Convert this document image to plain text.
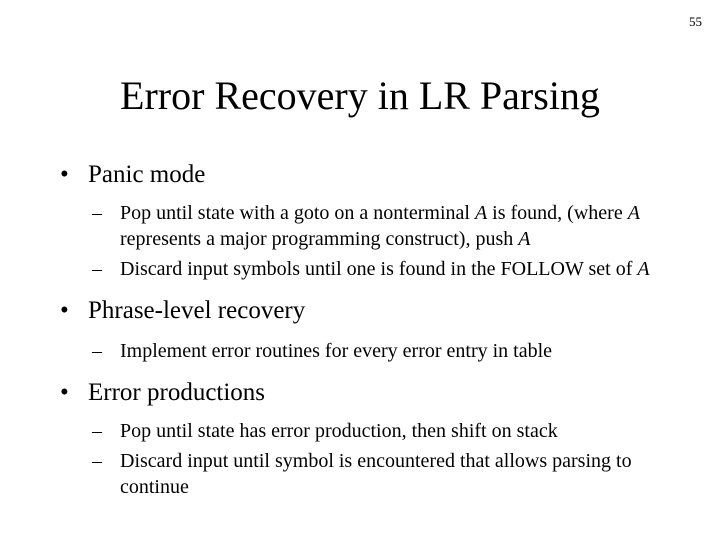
55
Error Recovery in LR Parsing
• Panic mode
– Pop until state with a goto on a nonterminal A is found, (where A represents a major programming construct), push A
– Discard input symbols until one is found in the FOLLOW set of A
• Phrase-level recovery
– Implement error routines for every error entry in table
• Error productions
– Pop until state has error production, then shift on stack
– Discard input until symbol is encountered that allows parsing to continue
